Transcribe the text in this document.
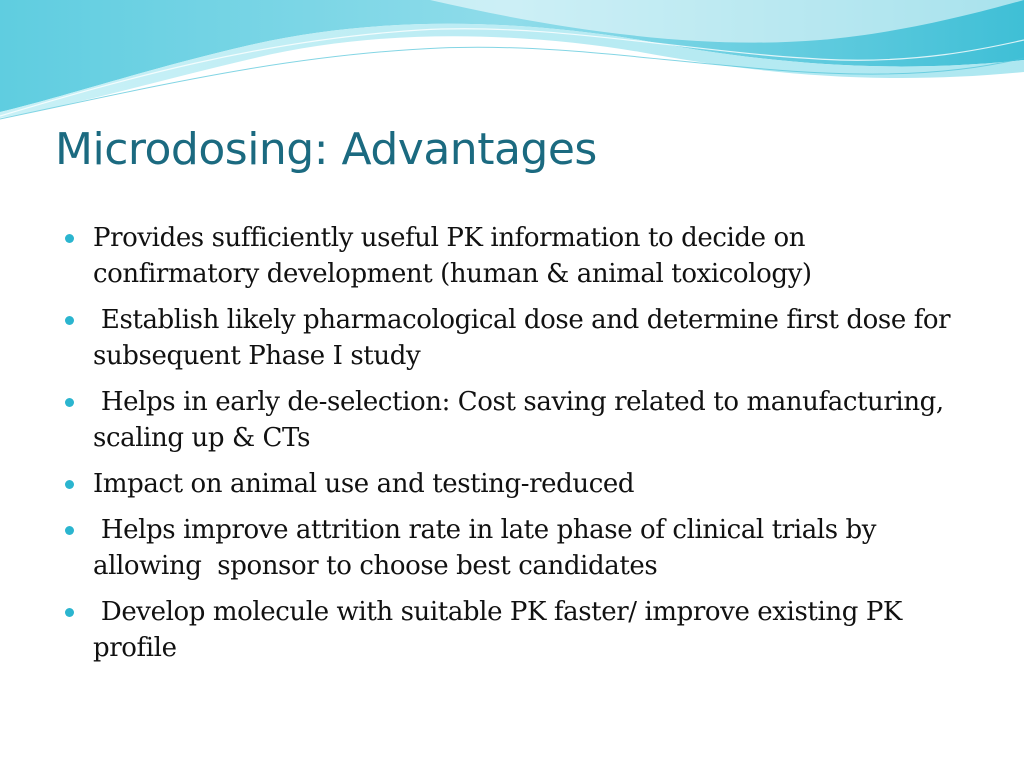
Microdosing: Advantages
Provides sufficiently useful PK information to decide on confirmatory development (human & animal toxicology)
Establish likely pharmacological dose and determine first dose for subsequent Phase I study
Helps in early de-selection: Cost saving related to manufacturing, scaling up & CTs
Impact on animal use and testing-reduced
Helps improve attrition rate in late phase of clinical trials by allowing  sponsor to choose best candidates
Develop molecule with suitable PK faster/ improve existing PK profile
